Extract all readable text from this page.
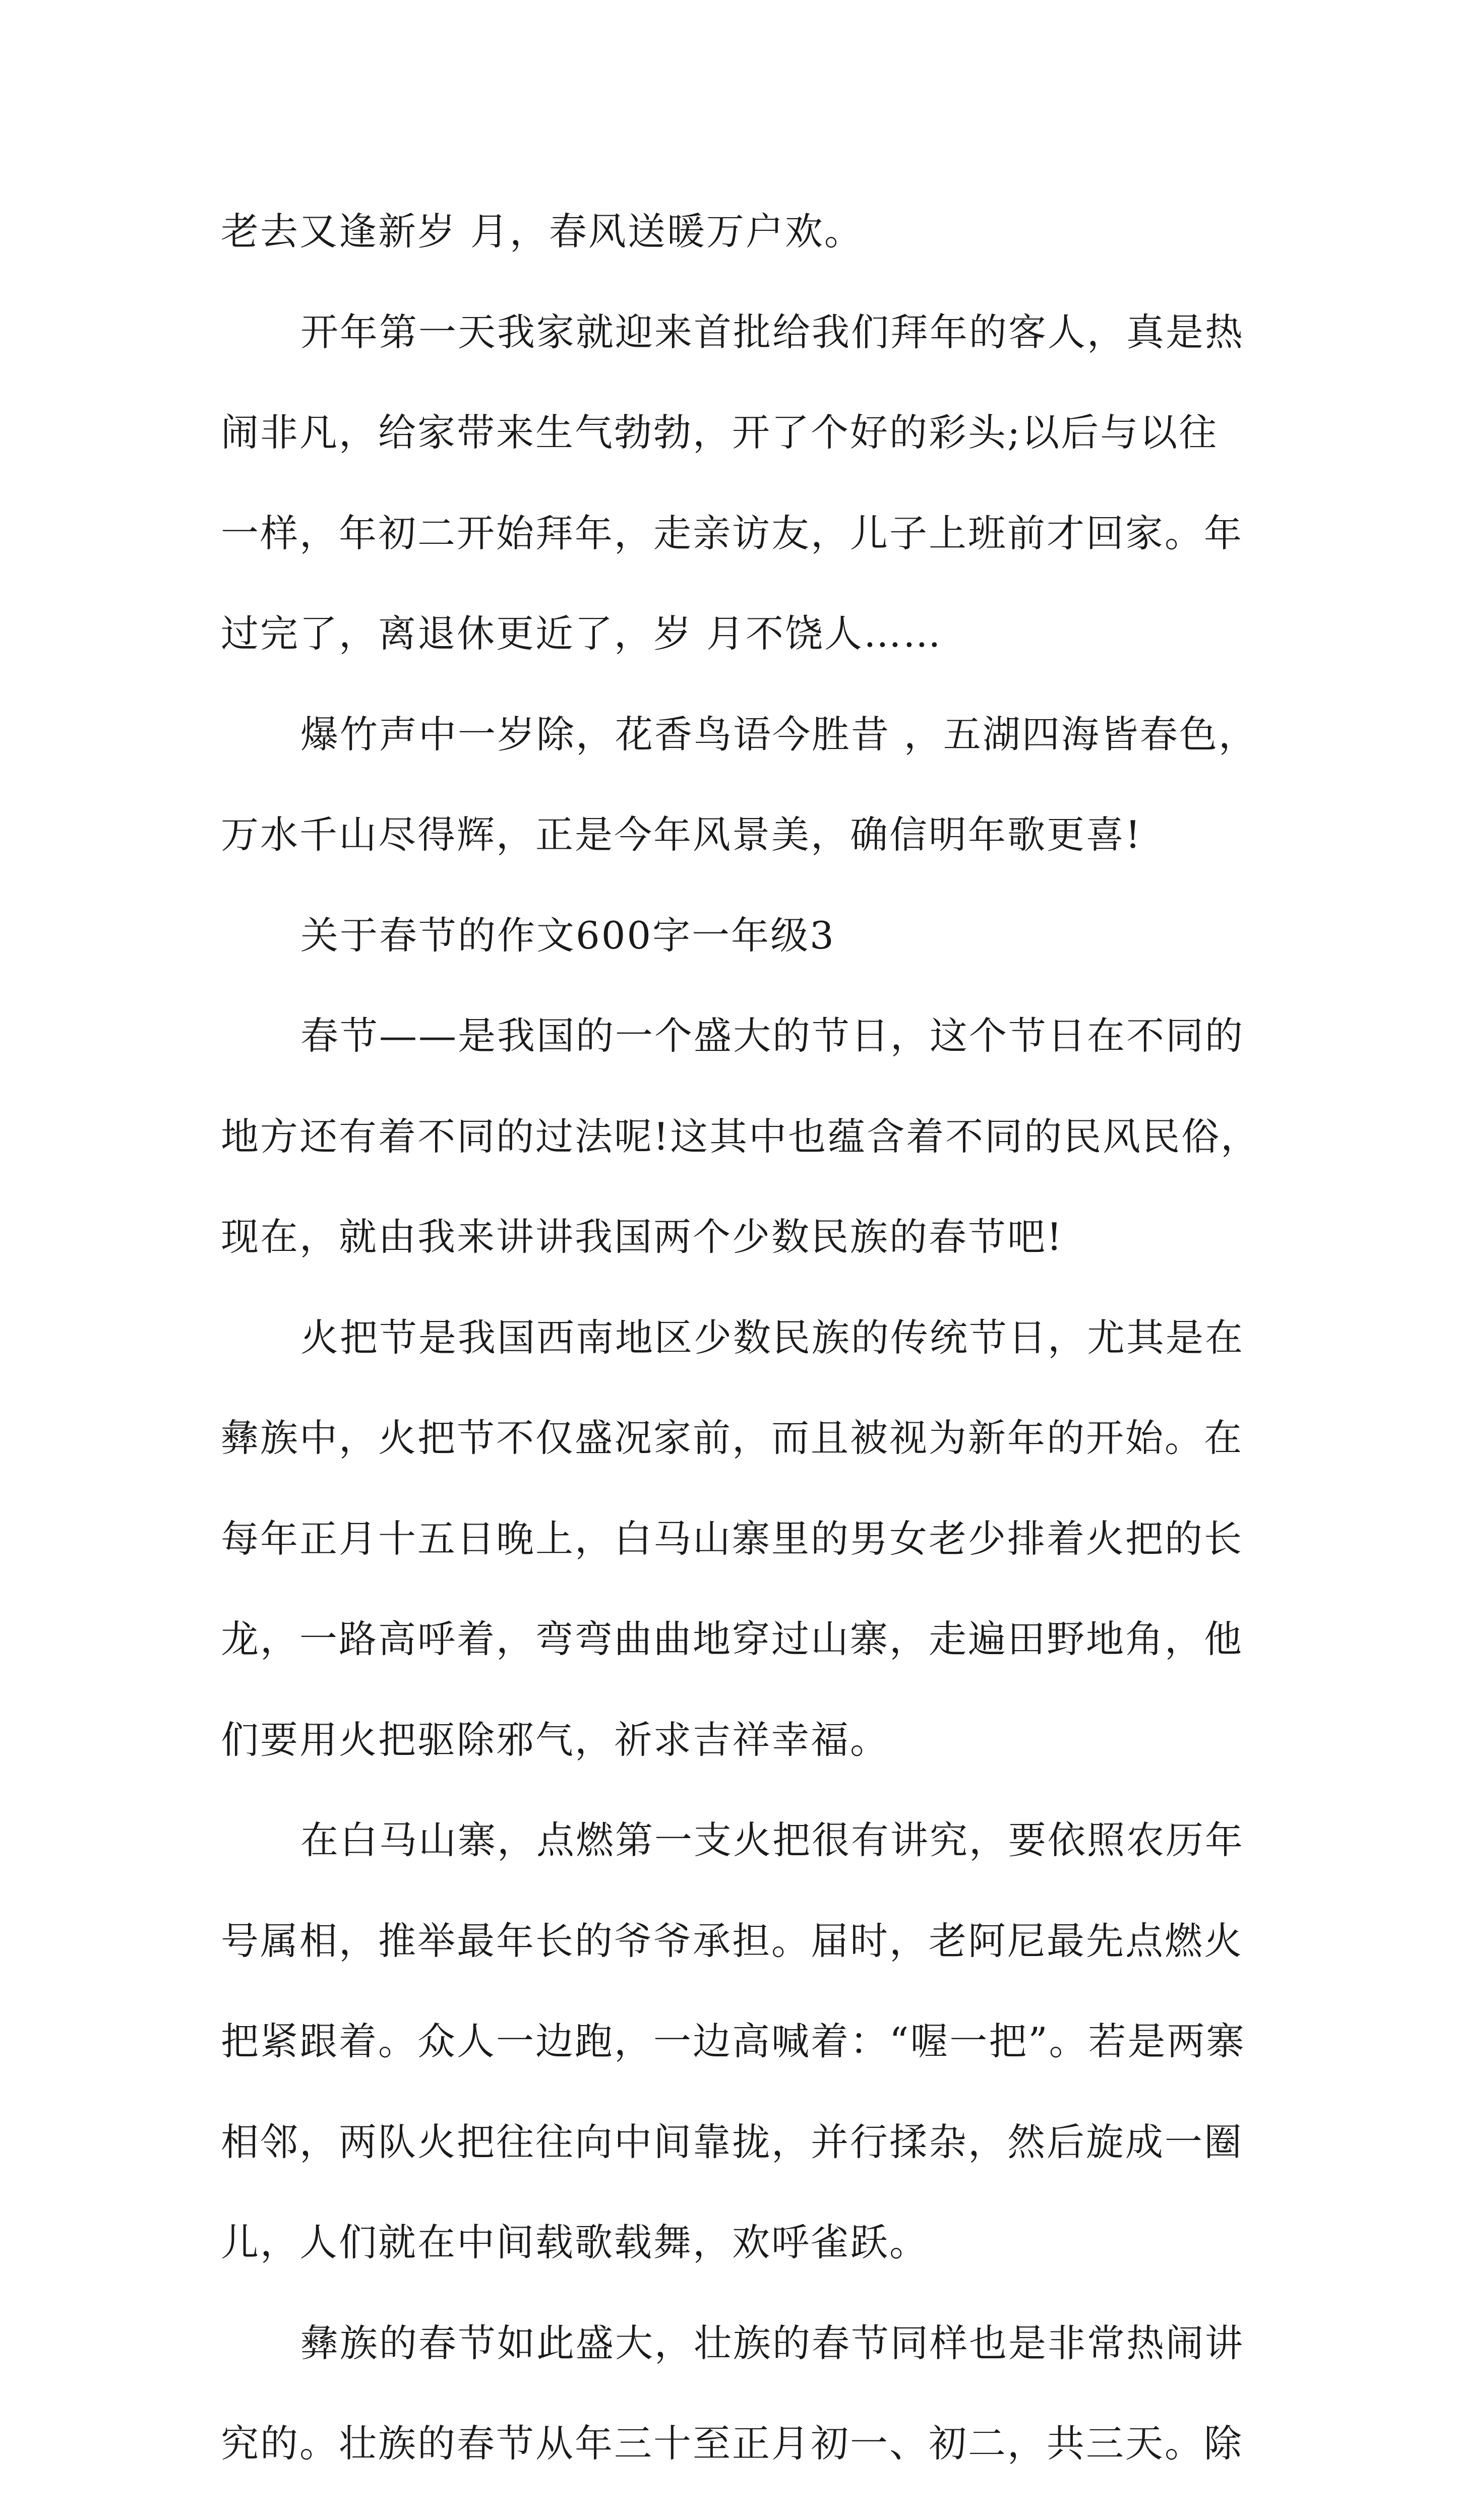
老去又逢新岁 月，春风送暖万户欢。
开年第一天我家就迎来首批给我们拜年的客人，真是热
闹非凡，给家带来生气勃勃，开了个好的彩头;以后与以往
一样，年初二开始拜年，走亲访友，儿子上班前才回家。年
过完了，离退休更近了，岁 月不饶人……
爆竹声中一岁除，花香鸟语今胜昔 ，五湖四海皆春色，
万水千山尽得辉，正是今年风景美，确信明年歌更喜!
关于春节的作文600字一年级3
春节——是我国的一个盛大的节日，这个节日在不同的
地方还有着不同的过法呢!这其中也蕴含着不同的民风民俗，
现在，就由我来讲讲我国两个少数民族的春节吧!
火把节是我国西南地区少数民族的传统节日，尤其是在
彝族中，火把节不仅盛况家前，而且被视为新年的开始。在
每年正月十五日晚上，白马山寨里的男女老少排着火把的长
龙，一路高呼着，弯弯曲曲地穿过山寨，走遍田野地角，他
们要用火把驱除邪气，祈求吉祥幸福。
在白马山寨，点燃第一支火把很有讲究，要依照农历年
号属相，推举最年长的爷爷承担。届时，老阿尼最先点燃火
把紧跟着。众人一边跑，一边高喊着：“喔一把”。若是两寨
相邻，两队火把往往向中间靠拢，并行揉杂，然后旋成一圈
儿，人们就在中间载歌载舞，欢呼雀跃。
彝族的春节如此盛大，壮族的春节同样也是非常热闹讲
究的。壮族的春节从年三十至正月初一、初二，共三天。除
